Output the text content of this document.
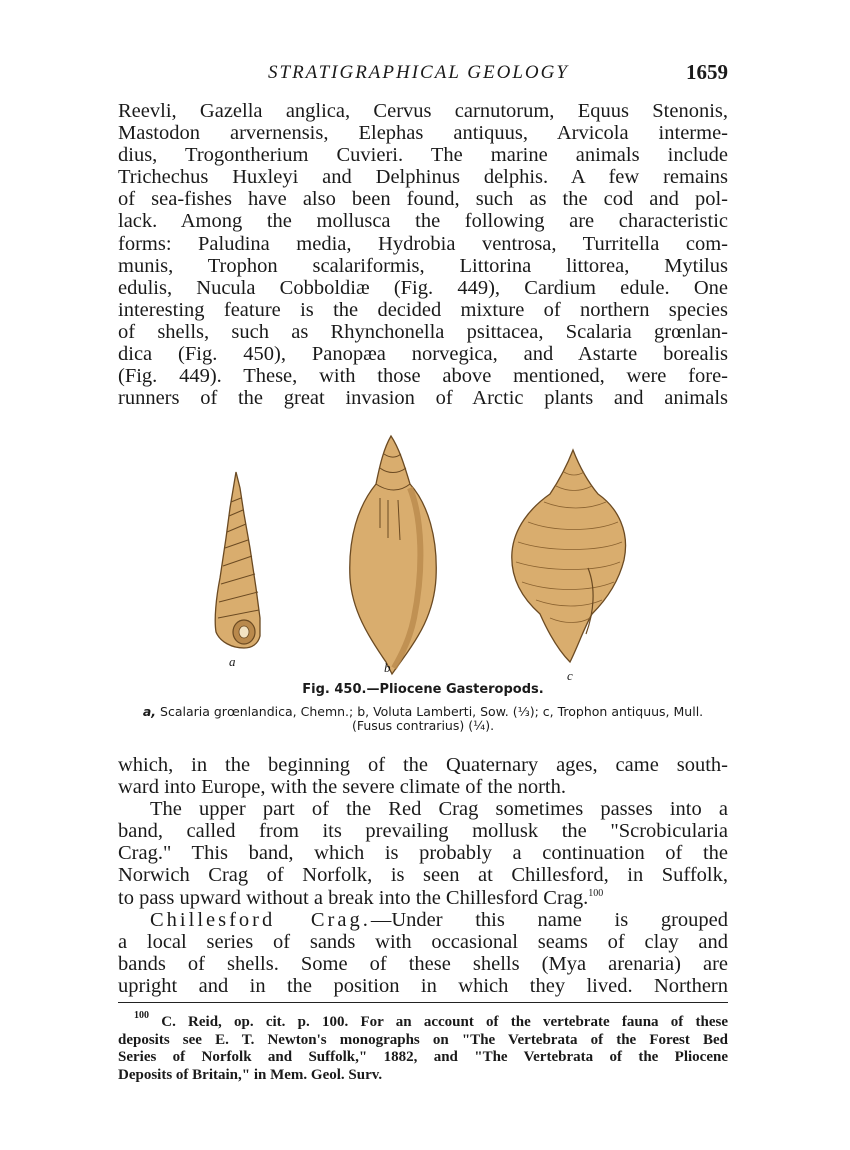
STRATIGRAPHICAL GEOLOGY	1659
Reevli, Gazella anglica, Cervus carnutorum, Equus Stenonis,
Mastodon arvernensis, Elephas antiquus, Arvicola interme-
dius, Trogontherium Cuvieri. The marine animals include
Trichechus Huxleyi and Delphinus delphis. A few remains
of sea-fishes have also been found, such as the cod and pol-
lack. Among the mollusca the following are characteristic
forms: Paludina media, Hydrobia ventrosa, Turritella com-
munis, Trophon scalariformis, Littorina littorea, Mytilus
edulis, Nucula Cobboldiæ (Fig. 449), Cardium edule. One
interesting feature is the decided mixture of northern species
of shells, such as Rhynchonella psittacea, Scalaria grœnlan-
dica (Fig. 450), Panopæa norvegica, and Astarte borealis
(Fig. 449). These, with those above mentioned, were fore-
runners of the great invasion of Arctic plants and animals
a	b
c
Fig. 450.—Pliocene Gasteropods.
a, Scalaria grœnlandica, Chemn.; b, Voluta Lamberti, Sow. (⅓); c, Trophon antiquus, Mull. (Fusus contrarius) (¼).
which, in the beginning of the Quaternary ages, came south-
ward into Europe, with the severe climate of the north.
The upper part of the Red Crag sometimes passes into a
band, called from its prevailing mollusk the "Scrobicularia
Crag." This band, which is probably a continuation of the
Norwich Crag of Norfolk, is seen at Chillesford, in Suffolk,
to pass upward without a break into the Chillesford Crag.$^{100}$
Chillesford Crag.—Under this name is grouped
a local series of sands with occasional seams of clay and
bands of shells. Some of these shells (Mya arenaria) are
upright and in the position in which they lived. Northern
$^{100}$ C. Reid, op. cit. p. 100. For an account of the vertebrate fauna of these
deposits see E. T. Newton's monographs on "The Vertebrata of the Forest Bed
Series of Norfolk and Suffolk," 1882, and "The Vertebrata of the Pliocene
Deposits of Britain," in Mem. Geol. Surv.
